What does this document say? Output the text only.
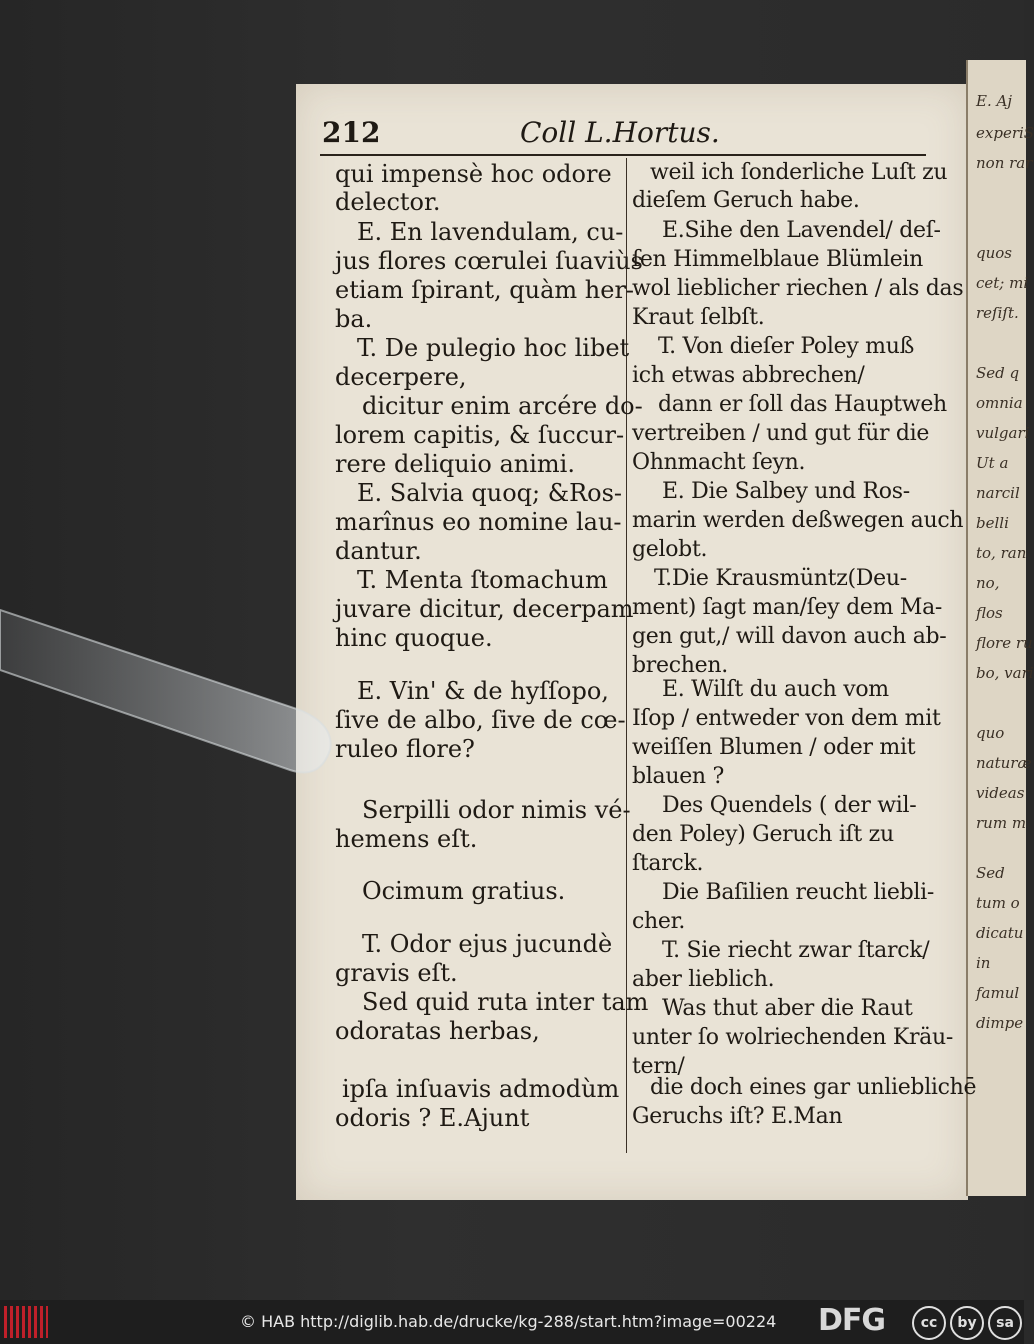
E. Aj
experiS
non rar
quos
cet; mi
reſiſt.
Sed q
omnia
vulgari
Ut a
narcil
belli
to, ran
no,
flos
flore ru
bo, vari
quo
naturæ
videas
rum m
Sed
tum o
dicatu
in
famul
dimpe
212	Coll L.Hortus.
qui impensè hoc odore
delector.
E. En lavendulam, cu-
jus flores cœrulei ſuaviùs
etiam ſpirant, quàm her-
ba.
T. De pulegio hoc libet
decerpere,
dicitur enim arcére do-
lorem capitis, & ſuccur-
rere deliquio animi.
E. Salvia quoq; &Ros-
marînus eo nomine lau-
dantur.
T. Menta ſtomachum
juvare dicitur, decerpam
hinc quoque.
E. Vin' & de hyſſopo,
ſive de albo, ſive de cœ-
ruleo flore?
Serpilli odor nimis vé-
hemens eſt.
Ocimum gratius.
T. Odor ejus jucundè
gravis eſt.
Sed quid ruta inter tam
odoratas herbas,
ipſa inſuavis admodùm
odoris ? E.Ajunt
weil ich ſonderliche Luſt zu
dieſem Geruch habe.
E.Sihe den Lavendel/ deſ-
ſen Himmelblaue Blümlein
wol lieblicher riechen / als das
Kraut ſelbſt.
T. Von dieſer Poley muß
ich etwas abbrechen/
dann er ſoll das Hauptweh
vertreiben / und gut für die
Ohnmacht ſeyn.
E. Die Salbey und Ros-
marin werden deßwegen auch
gelobt.
T.Die Krausmüntz(Deu-
ment) ſagt man/ſey dem Ma-
gen gut,/ will davon auch ab-
brechen.
E. Wilſt du auch vom
Iſop / entweder von dem mit
weiſſen Blumen / oder mit
blauen ?
Des Quendels ( der wil-
den Poley) Geruch iſt zu
ſtarck.
Die Baſilien reucht liebli-
cher.
T. Sie riecht zwar ſtarck/
aber lieblich.
Was thut aber die Raut
unter ſo wolriechenden Kräu-
tern/
die doch eines gar unlieblichē
Geruchs iſt? E.Man
© HAB http://diglib.hab.de/drucke/kg-288/start.htm?image=00224 DFG	cc	by	sa
